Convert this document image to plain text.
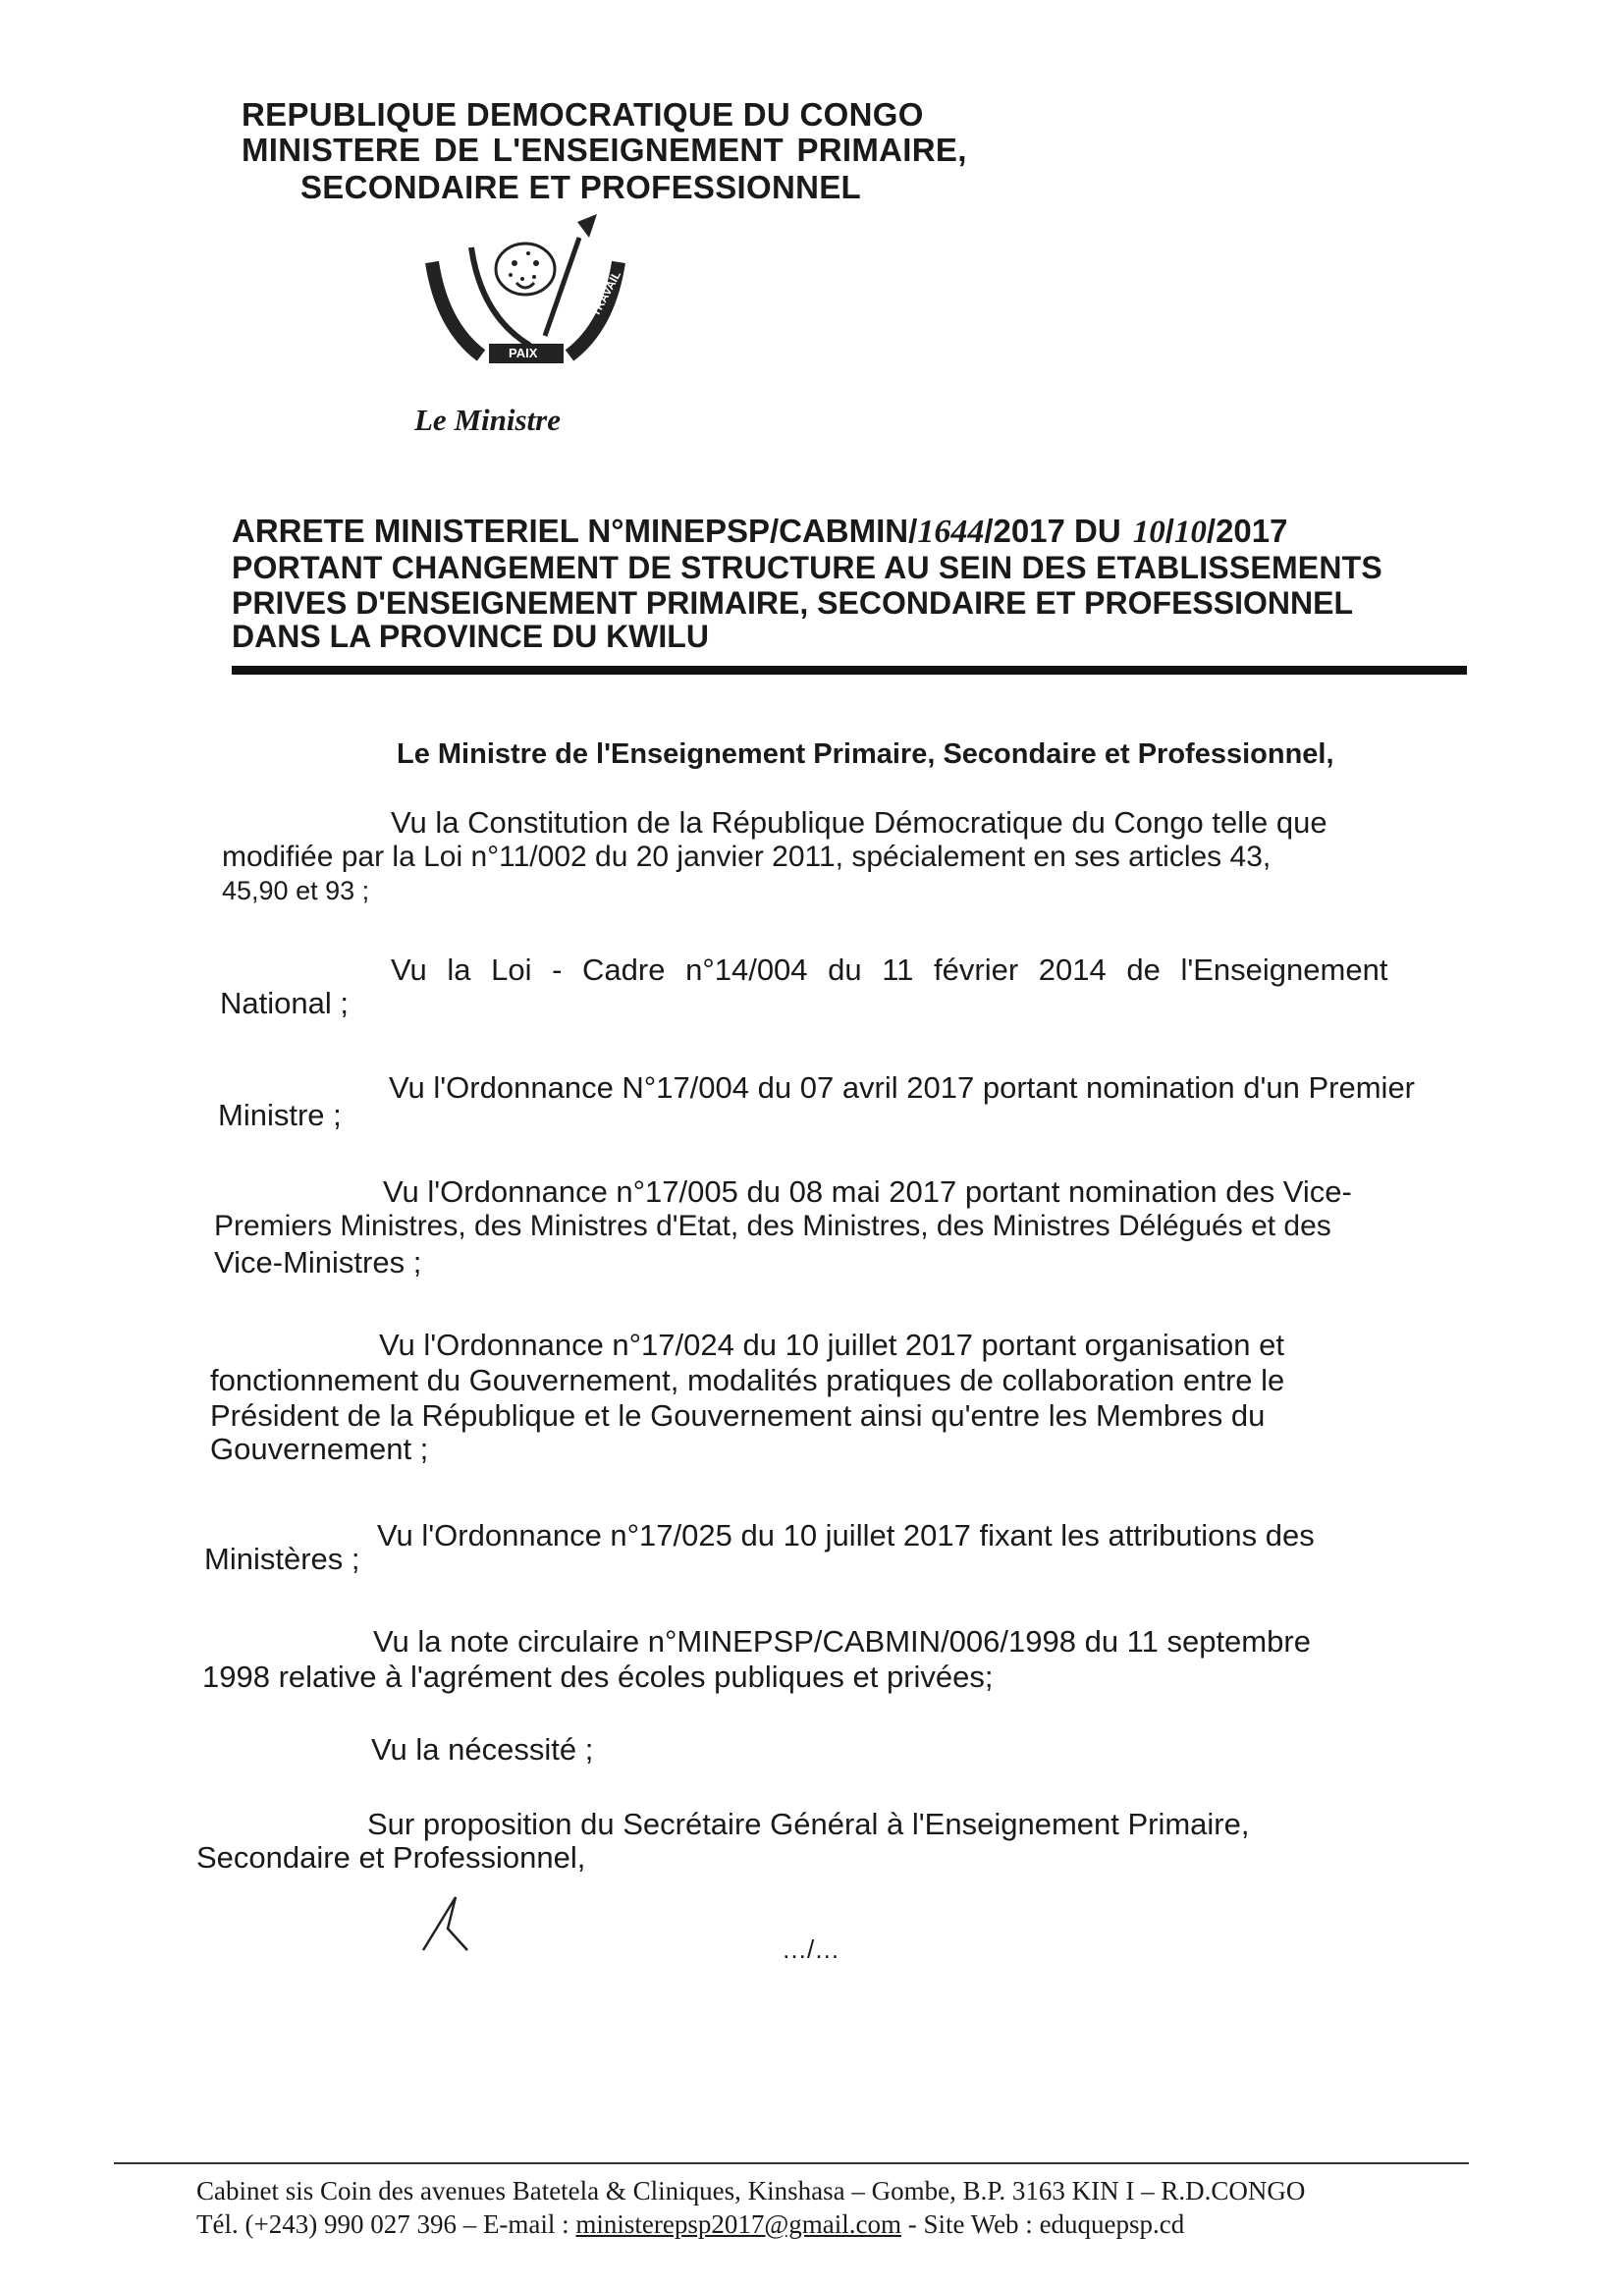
REPUBLIQUE DEMOCRATIQUE DU CONGO
MINISTERE DE L'ENSEIGNEMENT PRIMAIRE,
SECONDAIRE ET PROFESSIONNEL
JUSTICE
PAIX
TRAVAIL
Le Ministre
ARRETE MINISTERIEL N°MINEPSP/CABMIN/1644/2017 DU 10/10/2017
PORTANT CHANGEMENT DE STRUCTURE AU SEIN DES ETABLISSEMENTS
PRIVES D'ENSEIGNEMENT PRIMAIRE, SECONDAIRE ET PROFESSIONNEL
DANS LA PROVINCE DU KWILU
Le Ministre de l'Enseignement Primaire, Secondaire et Professionnel,
Vu la Constitution de la République Démocratique du Congo telle que
modifiée par la Loi n°11/002 du 20 janvier 2011, spécialement en ses articles 43,
45,90 et 93 ;
Vu la Loi - Cadre n°14/004 du 11 février 2014 de l'Enseignement
National ;
Vu l'Ordonnance N°17/004 du 07 avril 2017 portant nomination d'un Premier
Ministre ;
Vu l'Ordonnance n°17/005 du 08 mai 2017 portant nomination des Vice-
Premiers Ministres, des Ministres d'Etat, des Ministres, des Ministres Délégués et des
Vice-Ministres ;
Vu l'Ordonnance n°17/024 du 10 juillet 2017 portant organisation et
fonctionnement du Gouvernement, modalités pratiques de collaboration entre le
Président de la République et le Gouvernement ainsi qu'entre les Membres du
Gouvernement ;
Vu l'Ordonnance n°17/025 du 10 juillet 2017 fixant les attributions des
Ministères ;
Vu la note circulaire n°MINEPSP/CABMIN/006/1998 du 11 septembre
1998 relative à l'agrément des écoles publiques et privées;
Vu la nécessité ;
Sur proposition du Secrétaire Général à l'Enseignement Primaire,
Secondaire et Professionnel,
…/…
Cabinet sis Coin des avenues Batetela & Cliniques, Kinshasa – Gombe, B.P. 3163 KIN I – R.D.CONGO
Tél. (+243) 990 027 396 – E-mail : ministerepsp2017@gmail.com - Site Web : eduquepsp.cd
